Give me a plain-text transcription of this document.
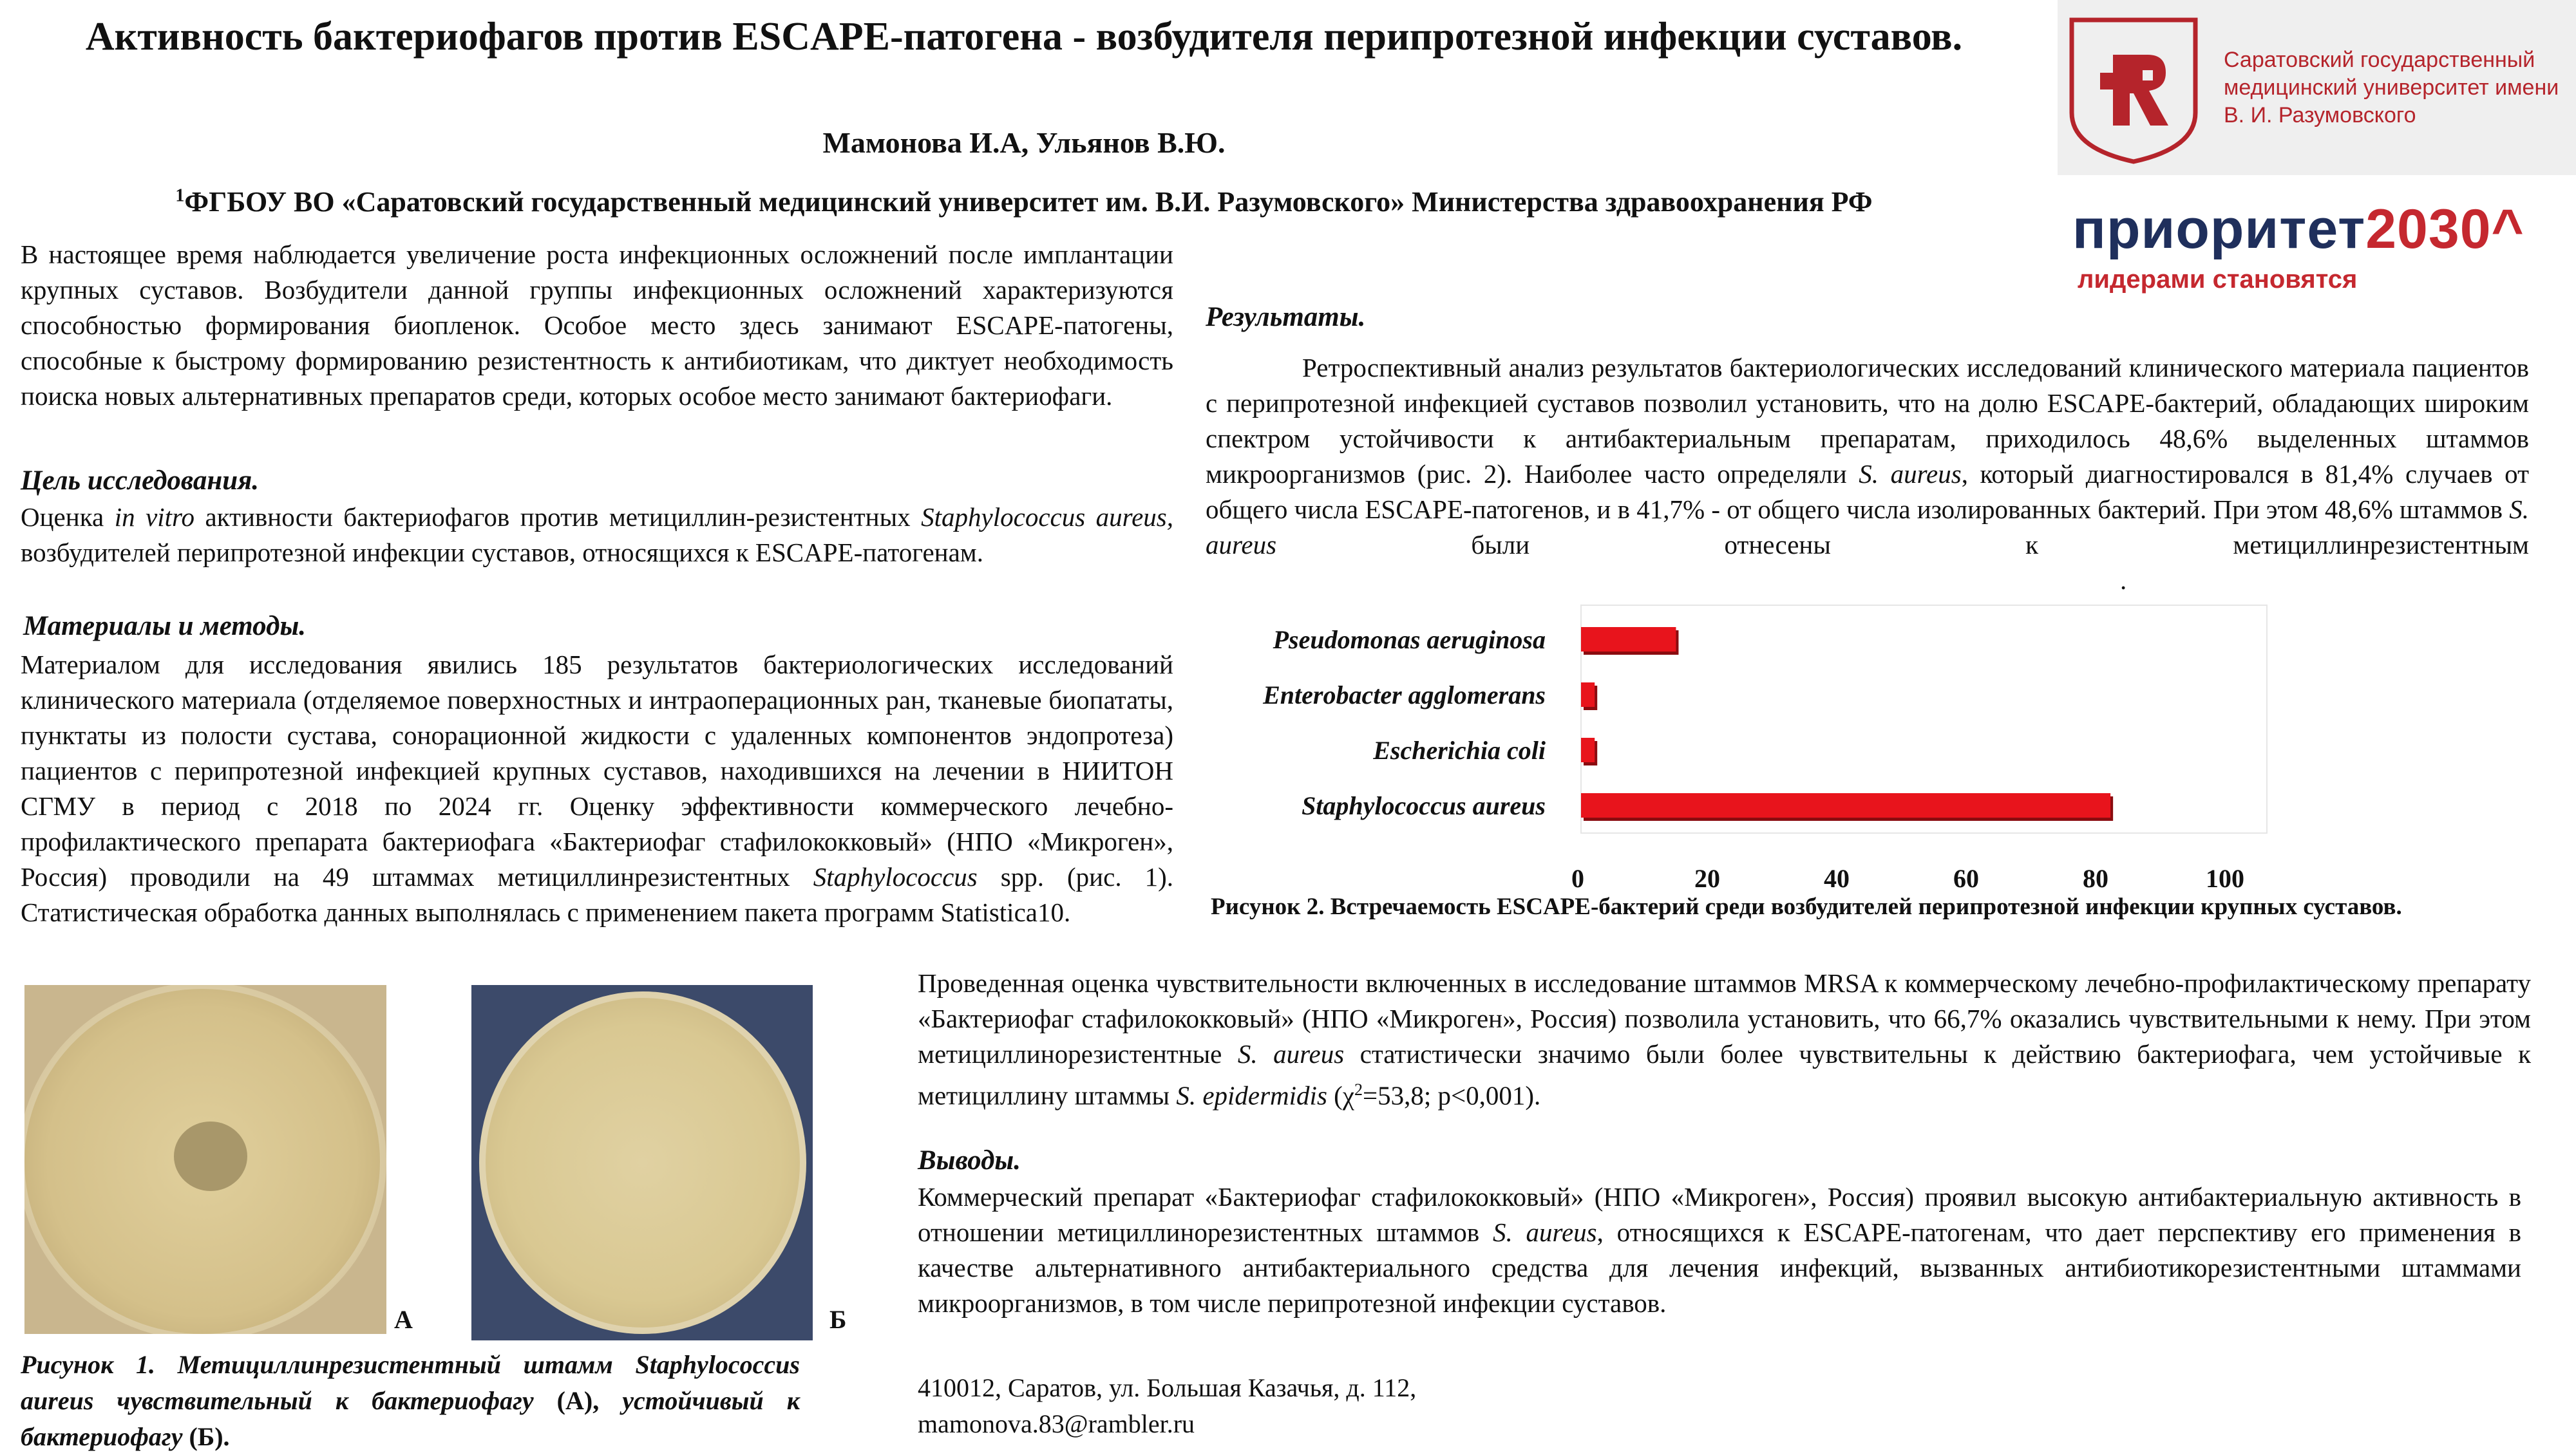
Активность бактериофагов против ESCAPE-патогена - возбудителя перипротезной инфекции суставов.
Мамонова И.А, Ульянов В.Ю.
$^1$ФГБОУ ВО «Саратовский государственный медицинский университет им. В.И. Разумовского» Министерства здравоохранения РФ
Саратовский государственный медицинский университет имени В. И. Разумовского
приоритет2030^
лидерами становятся
В настоящее время наблюдается увеличение роста инфекционных осложнений после имплантации крупных суставов. Возбудители данной группы инфекционных осложнений характеризуются способностью формирования биопленок. Особое место здесь занимают ESCAPE-патогены, способные к быстрому формированию резистентность к антибиотикам, что диктует необходимость поиска новых альтернативных препаратов среди, которых особое место занимают бактериофаги.
Цель исследования.
Оценка in vitro активности бактериофагов против метициллин-резистентных Staphylococcus aureus, возбудителей перипротезной инфекции суставов, относящихся к ESCAPE-патогенам.
Материалы и методы.
Материалом для исследования явились 185 результатов бактериологических исследований клинического материала (отделяемое поверхностных и интраоперационных ран, тканевые биопататы, пунктаты из полости сустава, сонорационной жидкости с удаленных компонентов эндопротеза) пациентов с перипротезной инфекцией крупных суставов, находившихся на лечении в НИИТОН СГМУ в период с 2018 по 2024 гг. Оценку эффективности коммерческого лечебно-профилактического препарата бактериофага «Бактериофаг стафилококковый» (НПО «Микроген», Россия) проводили на 49 штаммах метициллинрезистентных Staphylococcus spp. (рис. 1). Статистическая обработка данных выполнялась с применением пакета программ Statistica10.
А	Б
Рисунок 1. Метициллинрезистентный штамм Staphylococcus aureus чувствительный к бактериофагу (А), устойчивый к бактериофагу (Б).
Результаты.
Ретроспективный анализ результатов бактериологических исследований клинического материала пациентов с перипротезной инфекцией суставов позволил установить, что на долю ESCAPE-бактерий, обладающих широким спектром устойчивости к антибактериальным препаратам, приходилось 48,6% выделенных штаммов микроорганизмов (рис. 2). Наиболее часто определяли S. aureus, который диагностировался в 81,4% случаев от общего числа ESCAPE-патогенов, и в 41,7% - от общего числа изолированных бактерий. При этом 48,6% штаммов S. aureus были отнесены к метициллинрезистентным.
Pseudomonas aeruginosa
Enterobacter agglomerans
Escherichia coli
Staphylococcus aureus
0	20	40	60	80	100
Рисунок 2. Встречаемость ESCAPE-бактерий среди возбудителей перипротезной инфекции крупных суставов.
Проведенная оценка чувствительности включенных в исследование штаммов MRSA к коммерческому лечебно-профилактическому препарату «Бактериофаг стафилококковый» (НПО «Микроген», Россия) позволила установить, что 66,7% оказались чувствительными к нему. При этом метициллинорезистентные S. aureus статистически значимо были более чувствительны к действию бактериофага, чем устойчивые к метициллину штаммы S. epidermidis ($\chi^2=53,8$; p<0,001).
Выводы.
Коммерческий препарат «Бактериофаг стафилококковый» (НПО «Микроген», Россия) проявил высокую антибактериальную активность в отношении метициллинорезистентных штаммов S. aureus, относящихся к ESCAPE-патогенам, что дает перспективу его применения в качестве альтернативного антибактериального средства для лечения инфекций, вызванных антибиотикорезистентными штаммами микроорганизмов, в том числе перипротезной инфекции суставов.
410012, Саратов, ул. Большая Казачья, д. 112,
mamonova.83@rambler.ru
